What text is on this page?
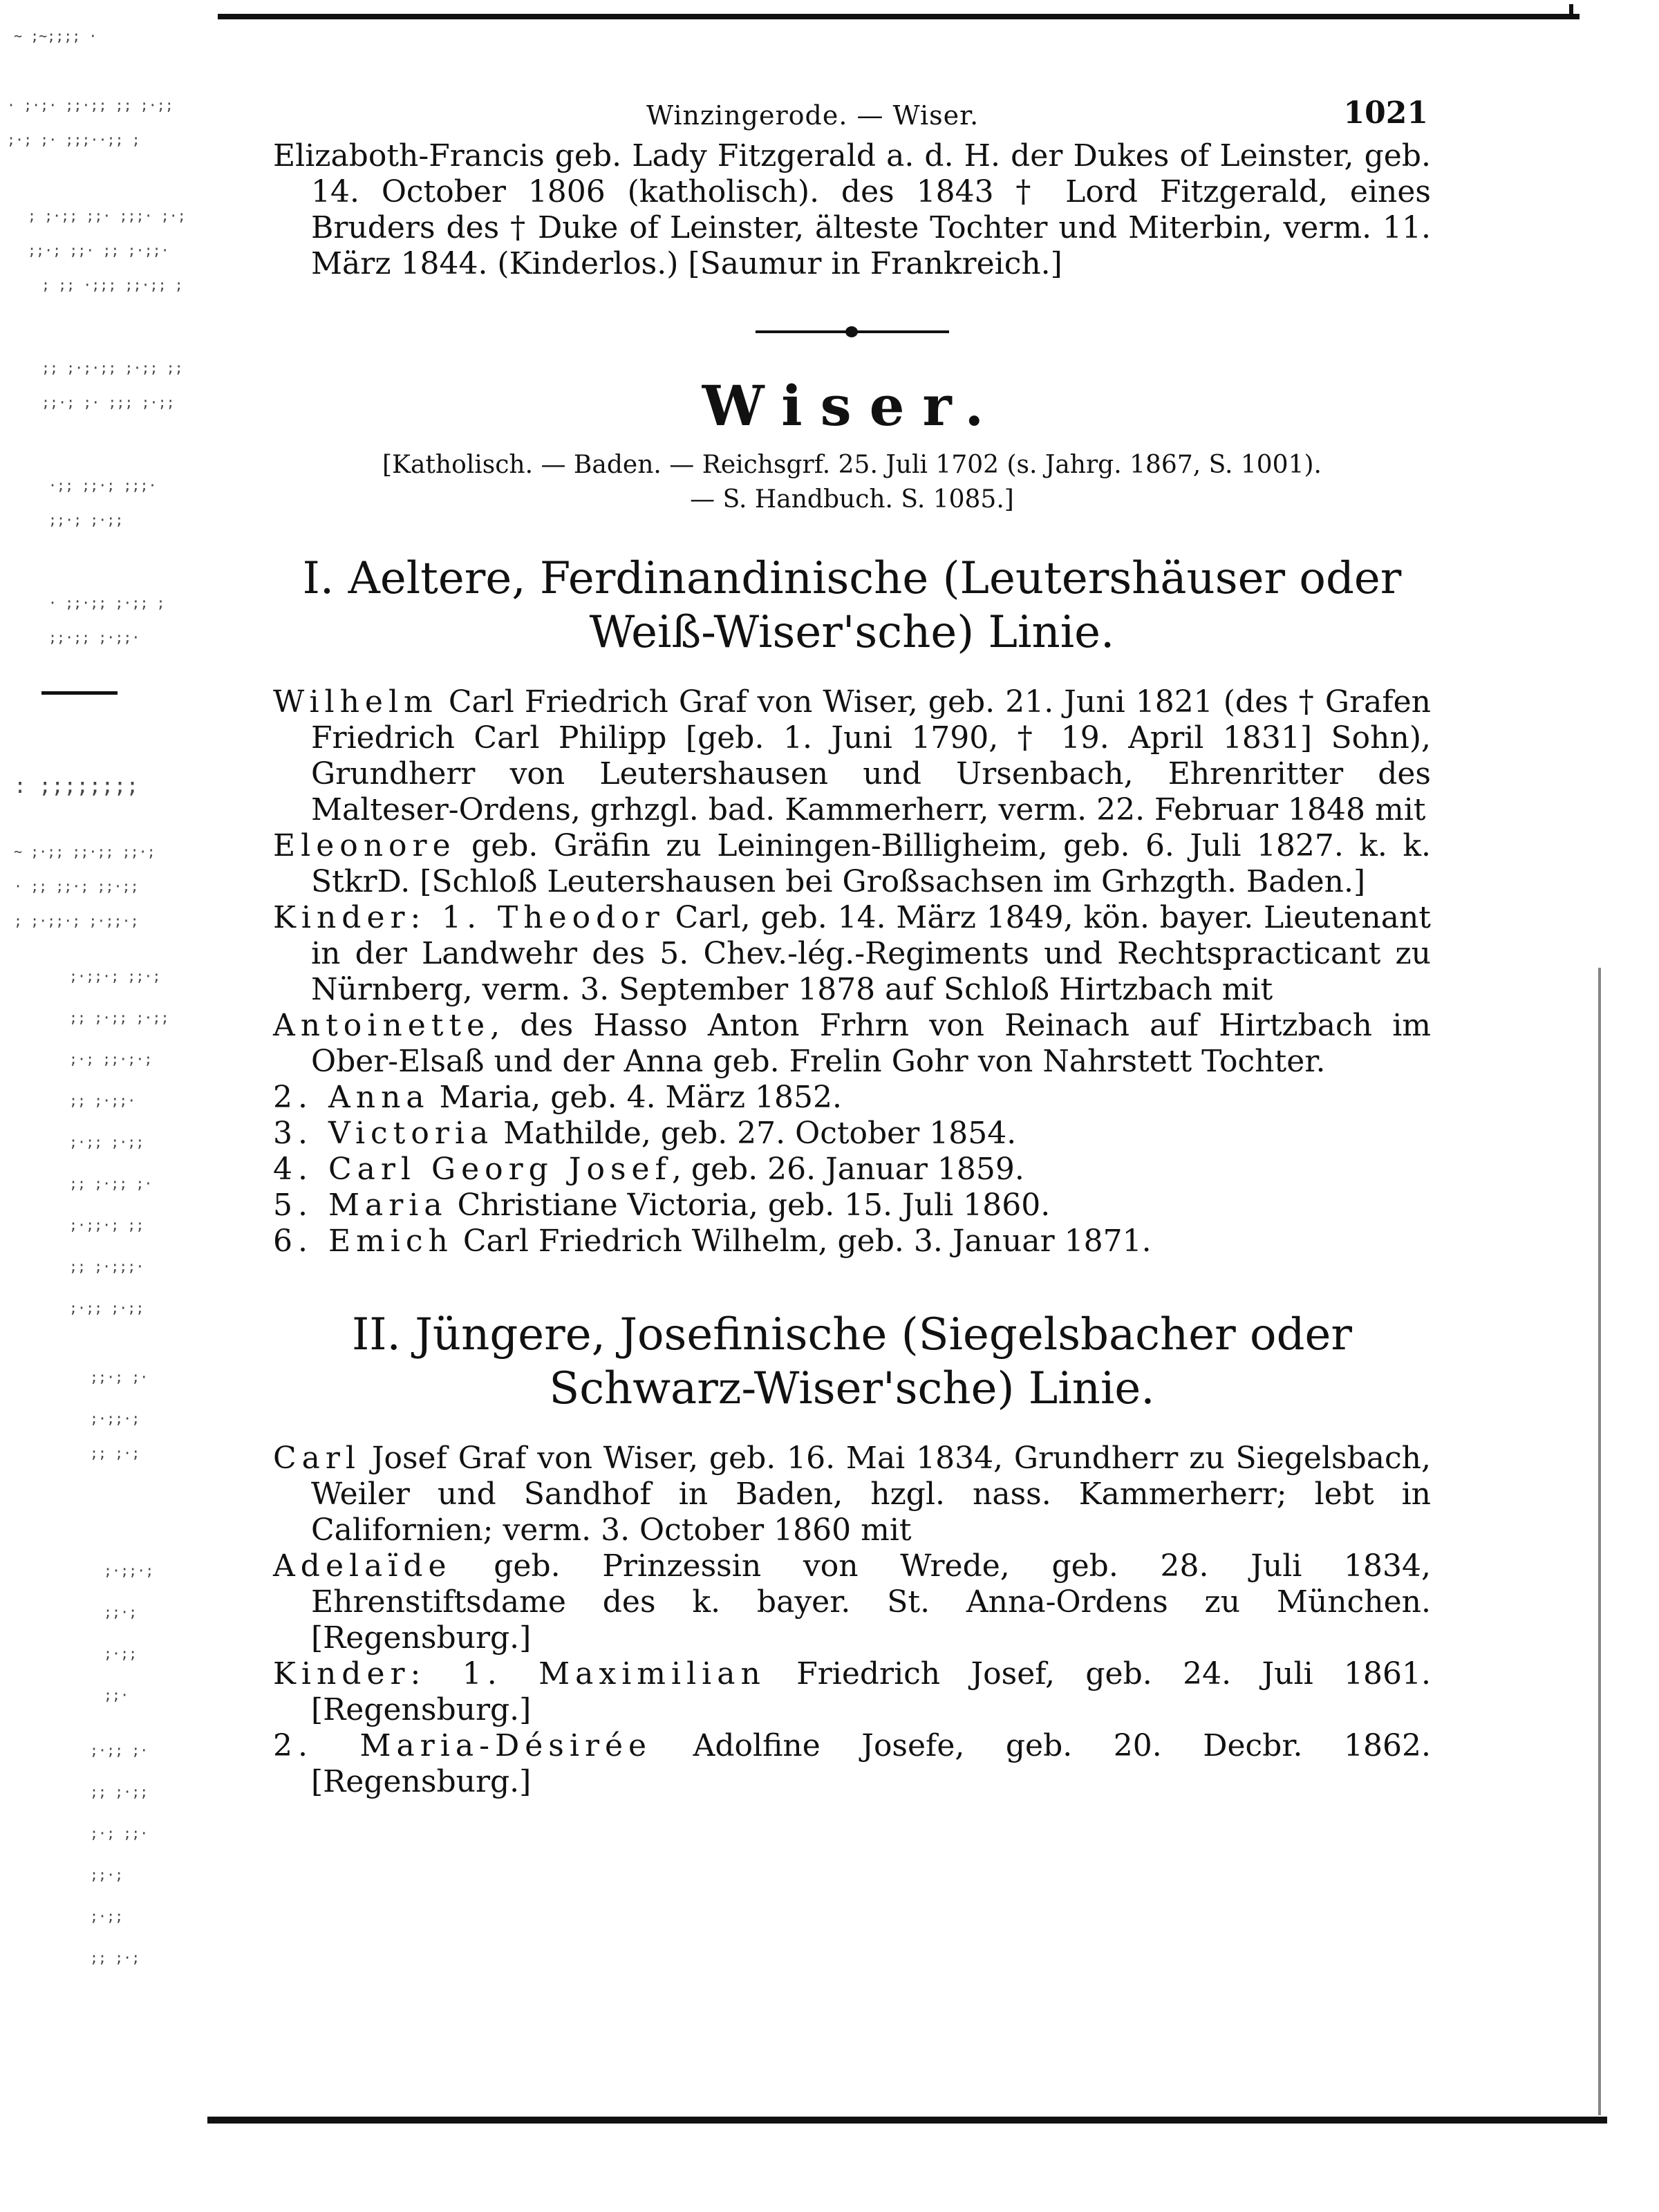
~ ;~;;;; ·
· ;·;· ;;·;; ;; ;·;;
;·; ;· ;;;··;; ;
; ;·;; ;;· ;;;· ;·;
;;·; ;;· ;; ;·;;·
; ;; ·;;; ;;·;; ;
;; ;·;·;; ;·;; ;;
;;·; ;· ;;; ;·;;
·;; ;;·; ;;;·
;;·; ;·;;
· ;;·;; ;·;; ;
;;·;; ;·;;·
: ;;;;;;;;
~ ;·;; ;;·;; ;;·;
· ;; ;;·; ;;·;;
; ;·;;·; ;·;;·;
;·;;·; ;;·;
;; ;·;; ;·;;
;·; ;;·;·;
;; ;·;;·
;·;; ;·;;
;; ;·;; ;·
;·;;·; ;;
;; ;·;;;·
;·;; ;·;;
;;·; ;·
;·;;·;
;; ;·;
;·;;·;
;;·;
;·;;
;;·
;·;; ;·
;; ;·;;
;·; ;;·
;;·;
;·;;
;; ;·;
Winzingerode. — Wiser.	1021

Elizaboth-Francis geb. Lady Fitzgerald a. d. H. der Dukes of Leinster, geb. 14. October 1806 (katholisch). des 1843 † Lord Fitzgerald, eines Bruders des † Duke of Leinster, älteste Tochter und Miterbin, verm. 11. März 1844. (Kinderlos.) [Saumur in Frankreich.]

Wiser.
[Katholisch. — Baden. — Reichsgrf. 25. Juli 1702 (s. Jahrg. 1867, S. 1001).
— S. Handbuch. S. 1085.]
I. Aeltere, Ferdinandinische (Leutershäuser oder Weiß-Wiser'sche) Linie.

Wilhelm Carl Friedrich Graf von Wiser, geb. 21. Juni 1821 (des † Grafen Friedrich Carl Philipp [geb. 1. Juni 1790, † 19. April 1831] Sohn), Grundherr von Leutershausen und Ursenbach, Ehrenritter des Malteser-Ordens, grhzgl. bad. Kammerherr, verm. 22. Februar 1848 mit

Eleonore geb. Gräfin zu Leiningen-Billigheim, geb. 6. Juli 1827. k. k. StkrD. [Schloß Leutershausen bei Großsachsen im Grhzgth. Baden.]

Kinder: 1. Theodor Carl, geb. 14. März 1849, kön. bayer. Lieutenant in der Landwehr des 5. Chev.-lég.-Regiments und Rechtspracticant zu Nürnberg, verm. 3. September 1878 auf Schloß Hirtzbach mit

Antoinette, des Hasso Anton Frhrn von Reinach auf Hirtzbach im Ober-Elsaß und der Anna geb. Frelin Gohr von Nahrstett Tochter.

2. Anna Maria, geb. 4. März 1852.

3. Victoria Mathilde, geb. 27. October 1854.

4. Carl Georg Josef, geb. 26. Januar 1859.

5. Maria Christiane Victoria, geb. 15. Juli 1860.

6. Emich Carl Friedrich Wilhelm, geb. 3. Januar 1871.

II. Jüngere, Josefinische (Siegelsbacher oder Schwarz-Wiser'sche) Linie.

Carl Josef Graf von Wiser, geb. 16. Mai 1834, Grundherr zu Siegelsbach, Weiler und Sandhof in Baden, hzgl. nass. Kammerherr; lebt in Californien; verm. 3. October 1860 mit

Adelaïde geb. Prinzessin von Wrede, geb. 28. Juli 1834, Ehrenstiftsdame des k. bayer. St. Anna-Ordens zu München. [Regensburg.]

Kinder: 1. Maximilian Friedrich Josef, geb. 24. Juli 1861. [Regensburg.]

2. Maria-Désirée Adolfine Josefe, geb. 20. Decbr. 1862. [Regensburg.]
